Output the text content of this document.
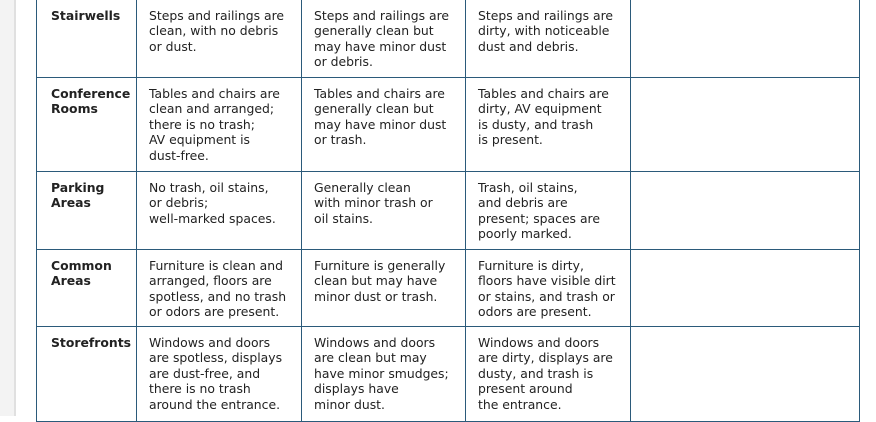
Stairwells	Steps and railings are
clean, with no debris
or dust.	Steps and railings are
generally clean but
may have minor dust
or debris.	Steps and railings are
dirty, with noticeable
dust and debris.	
Conference
Rooms	Tables and chairs are
clean and arranged;
there is no trash;
AV equipment is
dust-free.	Tables and chairs are
generally clean but
may have minor dust
or trash.	Tables and chairs are
dirty, AV equipment
is dusty, and trash
is present.	
Parking
Areas	No trash, oil stains,
or debris;
well-marked spaces.	Generally clean
with minor trash or
oil stains.	Trash, oil stains,
and debris are
present; spaces are
poorly marked.	
Common
Areas	Furniture is clean and
arranged, floors are
spotless, and no trash
or odors are present.	Furniture is generally
clean but may have
minor dust or trash.	Furniture is dirty,
floors have visible dirt
or stains, and trash or
odors are present.	
Storefronts	Windows and doors
are spotless, displays
are dust-free, and
there is no trash
around the entrance.	Windows and doors
are clean but may
have minor smudges;
displays have
minor dust.	Windows and doors
are dirty, displays are
dusty, and trash is
present around
the entrance.	
